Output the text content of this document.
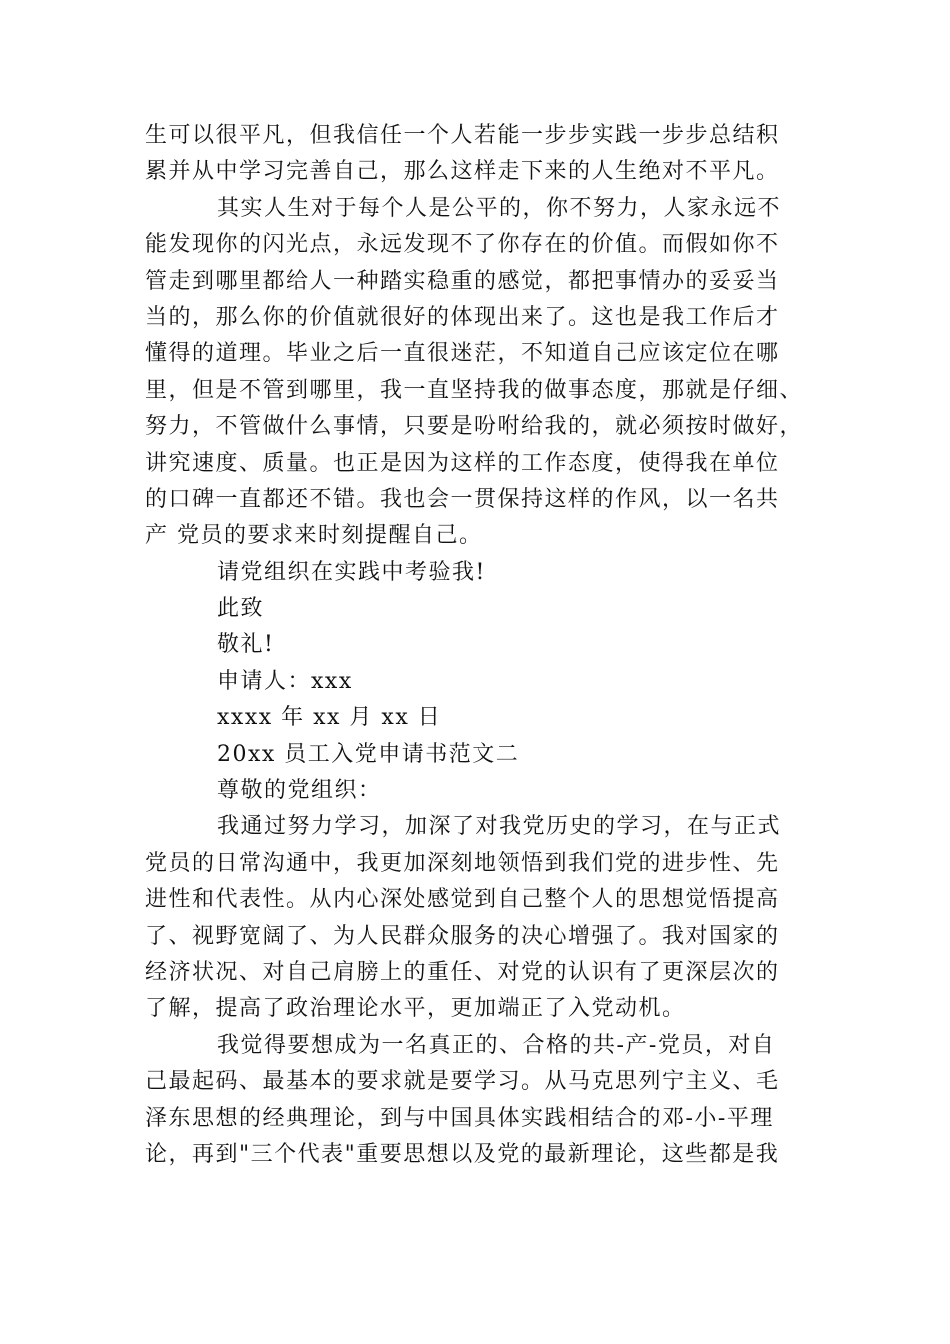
生可以很平凡，但我信任一个人若能一步步实践一步步总结积
累并从中学习完善自己，那么这样走下来的人生绝对不平凡。
其实人生对于每个人是公平的，你不努力，人家永远不
能发现你的闪光点，永远发现不了你存在的价值。而假如你不
管走到哪里都给人一种踏实稳重的感觉，都把事情办的妥妥当
当的，那么你的价值就很好的体现出来了。这也是我工作后才
懂得的道理。毕业之后一直很迷茫，不知道自己应该定位在哪
里，但是不管到哪里，我一直坚持我的做事态度，那就是仔细、
努力，不管做什么事情，只要是吩咐给我的，就必须按时做好，
讲究速度、质量。也正是因为这样的工作态度，使得我在单位
的口碑一直都还不错。我也会一贯保持这样的作风，以一名共
产 党员的要求来时刻提醒自己。
请党组织在实践中考验我!
此致
敬礼!
申请人：xxx
xxxx 年 xx 月 xx 日
20xx 员工入党申请书范文二
尊敬的党组织：
我通过努力学习，加深了对我党历史的学习，在与正式
党员的日常沟通中，我更加深刻地领悟到我们党的进步性、先
进性和代表性。从内心深处感觉到自己整个人的思想觉悟提高
了、视野宽阔了、为人民群众服务的决心增强了。我对国家的
经济状况、对自己肩膀上的重任、对党的认识有了更深层次的
了解，提高了政治理论水平，更加端正了入党动机。
我觉得要想成为一名真正的、合格的共-产-党员，对自
己最起码、最基本的要求就是要学习。从马克思列宁主义、毛
泽东思想的经典理论，到与中国具体实践相结合的邓-小-平理
论，再到"三个代表"重要思想以及党的最新理论，这些都是我
